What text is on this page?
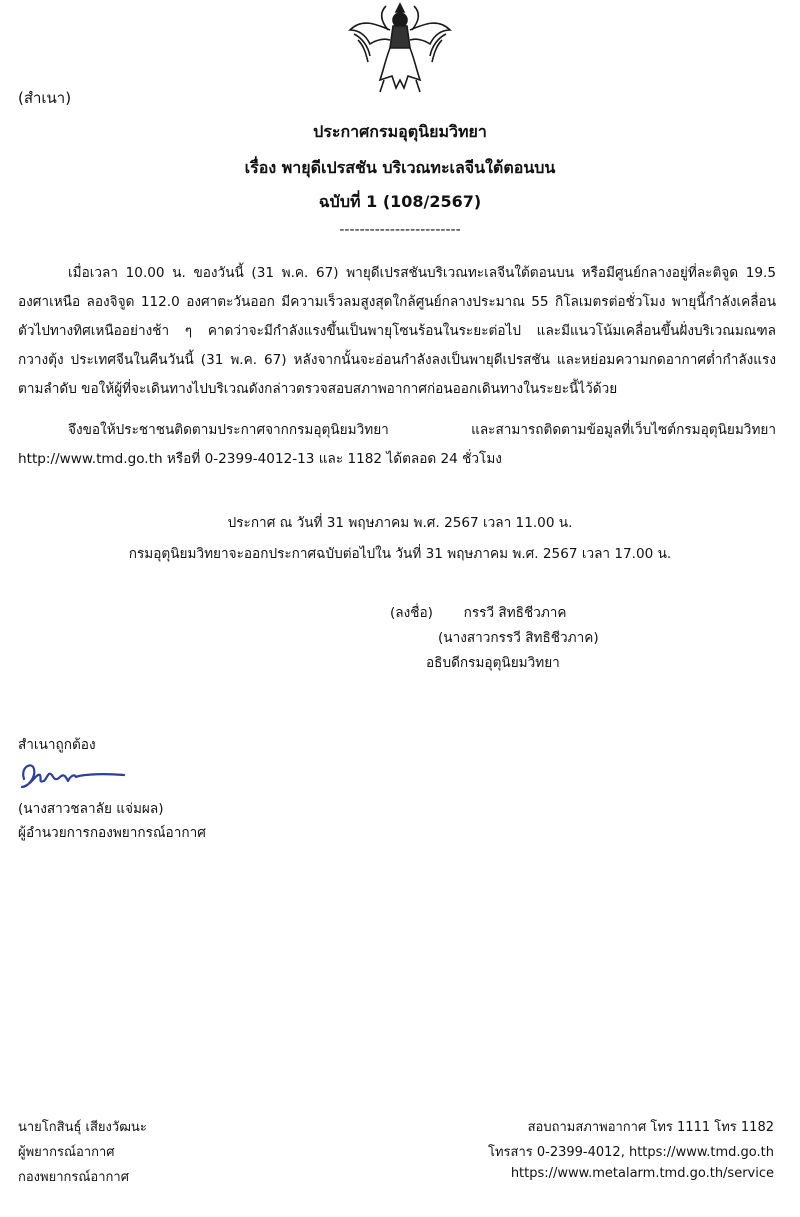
(สำเนา)
ประกาศกรมอุตุนิยมวิทยา
เรื่อง พายุดีเปรสชัน บริเวณทะเลจีนใต้ตอนบน
ฉบับที่ 1 (108/2567)
------------------------
เมื่อเวลา 10.00 น. ของวันนี้ (31 พ.ค. 67) พายุดีเปรสชันบริเวณทะเลจีนใต้ตอนบน หรือมีศูนย์กลางอยู่ที่ละติจูด 19.5 องศาเหนือ ลองจิจูด 112.0 องศาตะวันออก มีความเร็วลมสูงสุดใกล้ศูนย์กลางประมาณ 55 กิโลเมตรต่อชั่วโมง พายุนี้กำลังเคลื่อนตัวไปทางทิศเหนืออย่างช้า ๆ คาดว่าจะมีกำลังแรงขึ้นเป็นพายุโซนร้อนในระยะต่อไป และมีแนวโน้มเคลื่อนขึ้นฝั่งบริเวณมณฑลกวางตุ้ง ประเทศจีนในคืนวันนี้ (31 พ.ค. 67) หลังจากนั้นจะอ่อนกำลังลงเป็นพายุดีเปรสชัน และหย่อมความกดอากาศต่ำกำลังแรงตามลำดับ ขอให้ผู้ที่จะเดินทางไปบริเวณดังกล่าวตรวจสอบสภาพอากาศก่อนออกเดินทางในระยะนี้ไว้ด้วย
จึงขอให้ประชาชนติดตามประกาศจากกรมอุตุนิยมวิทยา และสามารถติดตามข้อมูลที่เว็บไซต์กรมอุตุนิยมวิทยา http://www.tmd.go.th หรือที่ 0-2399-4012-13 และ 1182 ได้ตลอด 24 ชั่วโมง
ประกาศ ณ วันที่ 31 พฤษภาคม พ.ศ. 2567 เวลา 11.00 น.
กรมอุตุนิยมวิทยาจะออกประกาศฉบับต่อไปใน วันที่ 31 พฤษภาคม พ.ศ. 2567 เวลา 17.00 น.
(ลงชื่อ) กรรวี สิทธิชีวภาค
(นางสาวกรรวี สิทธิชีวภาค)
อธิบดีกรมอุตุนิยมวิทยา
สำเนาถูกต้อง
(นางสาวชลาลัย แจ่มผล)
ผู้อำนวยการกองพยากรณ์อากาศ
นายโกสินธุ์ เสียงวัฒนะ
ผู้พยากรณ์อากาศ
กองพยากรณ์อากาศ
สอบถามสภาพอากาศ โทร 1111 โทร 1182
โทรสาร 0-2399-4012, https://www.tmd.go.th
https://www.metalarm.tmd.go.th/service
